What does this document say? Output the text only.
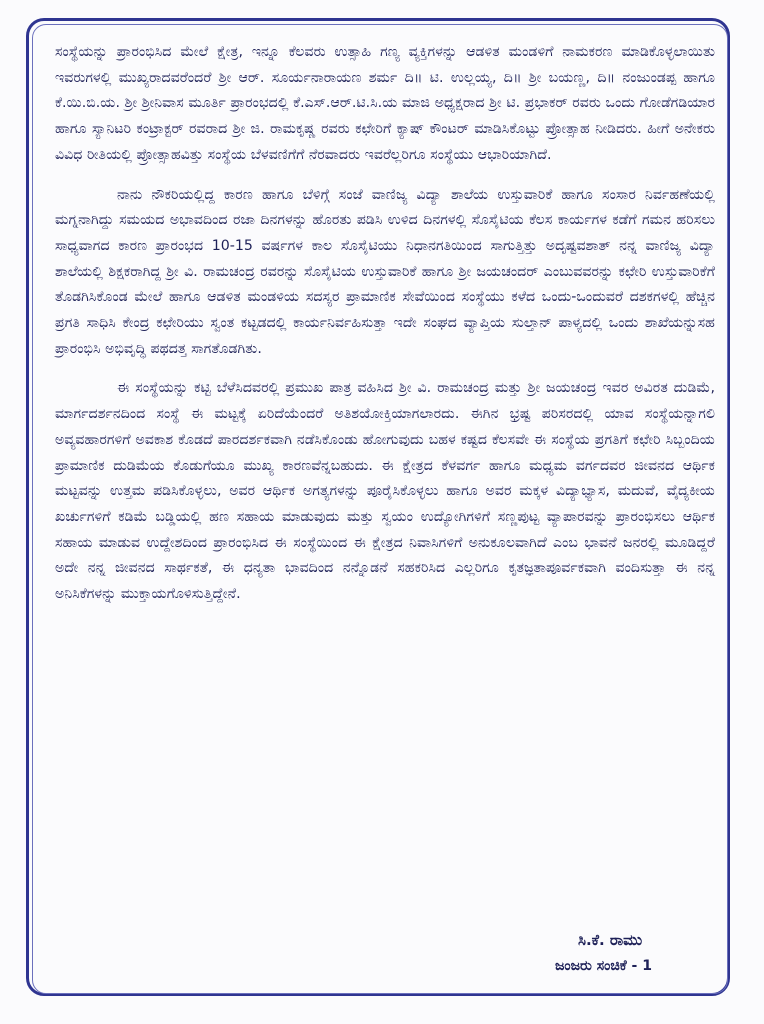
ಸಂಸ್ಥೆಯನ್ನು ಪ್ರಾರಂಭಿಸಿದ ಮೇಲೆ ಕ್ಷೇತ್ರ, ಇನ್ನೂ ಕೆಲವರು ಉತ್ಸಾಹಿ ಗಣ್ಯ ವ್ಯಕ್ತಿಗಳನ್ನು ಆಡಳಿತ ಮಂಡಳಿಗೆ ನಾಮಕರಣ ಮಾಡಿಕೊಳ್ಳಲಾಯಿತು ಇವರುಗಳಲ್ಲಿ ಮುಖ್ಯರಾದವರೆಂದರೆ ಶ್ರೀ ಆರ್. ಸೂರ್ಯನಾರಾಯಣ ಶರ್ಮ ದಿ॥ ಟಿ. ಉಲ್ಲಯ್ಯ, ದಿ॥ ಶ್ರೀ ಬಯಣ್ಣ, ದಿ॥ ನಂಜುಂಡಪ್ಪ ಹಾಗೂ ಕೆ.ಯಿ.ಬಿ.ಯ. ಶ್ರೀ ಶ್ರೀನಿವಾಸ ಮೂರ್ತಿ ಪ್ರಾರಂಭದಲ್ಲಿ ಕೆ.ಎಸ್.ಆರ್.ಟಿ.ಸಿ.ಯ ಮಾಜಿ ಅಧ್ಯಕ್ಷರಾದ ಶ್ರೀ ಟಿ. ಪ್ರಭಾಕರ್ ರವರು ಒಂದು ಗೋಡೆಗಡಿಯಾರ ಹಾಗೂ ಸ್ಯಾನಿಟರಿ ಕಂಟ್ರಾಕ್ಟರ್ ರವರಾದ ಶ್ರೀ ಜಿ. ರಾಮಕೃಷ್ಣ ರವರು ಕಛೇರಿಗೆ ಕ್ಯಾಷ್ ಕೌಂಟರ್ ಮಾಡಿಸಿಕೊಟ್ಟು ಪ್ರೋತ್ಸಾಹ ನೀಡಿದರು. ಹೀಗೆ ಅನೇಕರು ವಿವಿಧ ರೀತಿಯಲ್ಲಿ ಪ್ರೋತ್ಸಾಹವಿತ್ತು ಸಂಸ್ಥೆಯ ಬೆಳವಣಿಗೆಗೆ ನೆರವಾದರು ಇವರೆಲ್ಲರಿಗೂ ಸಂಸ್ಥೆಯು ಆಭಾರಿಯಾಗಿದೆ.

ನಾನು ನೌಕರಿಯಲ್ಲಿದ್ದ ಕಾರಣ ಹಾಗೂ ಬೆಳಿಗ್ಗೆ ಸಂಜೆ ವಾಣಿಜ್ಯ ವಿದ್ಯಾ ಶಾಲೆಯ ಉಸ್ತುವಾರಿಕೆ ಹಾಗೂ ಸಂಸಾರ ನಿರ್ವಹಣೆಯಲ್ಲಿ ಮಗ್ನನಾಗಿದ್ದು ಸಮಯದ ಅಭಾವದಿಂದ ರಜಾ ದಿನಗಳನ್ನು ಹೊರತು ಪಡಿಸಿ ಉಳಿದ ದಿನಗಳಲ್ಲಿ ಸೊಸೈಟಿಯ ಕೆಲಸ ಕಾರ್ಯಗಳ ಕಡೆಗೆ ಗಮನ ಹರಿಸಲು ಸಾಧ್ಯವಾಗದ ಕಾರಣ ಪ್ರಾರಂಭದ 10-15 ವರ್ಷಗಳ ಕಾಲ ಸೊಸೈಟಿಯು ನಿಧಾನಗತಿಯಿಂದ ಸಾಗುತ್ತಿತ್ತು ಅದೃಷ್ಟವಶಾತ್ ನನ್ನ ವಾಣಿಜ್ಯ ವಿದ್ಯಾ ಶಾಲೆಯಲ್ಲಿ ಶಿಕ್ಷಕರಾಗಿದ್ದ ಶ್ರೀ ವಿ. ರಾಮಚಂದ್ರ ರವರನ್ನು ಸೊಸೈಟಿಯ ಉಸ್ತುವಾರಿಕೆ ಹಾಗೂ ಶ್ರೀ ಜಯಚಂದರ್ ಎಂಬುವವರನ್ನು ಕಛೇರಿ ಉಸ್ತುವಾರಿಕೆಗೆ ತೊಡಗಿಸಿಕೊಂಡ ಮೇಲೆ ಹಾಗೂ ಆಡಳಿತ ಮಂಡಳಿಯ ಸದಸ್ಯರ ಪ್ರಾಮಾಣಿಕ ಸೇವೆಯಿಂದ ಸಂಸ್ಥೆಯು ಕಳೆದ ಒಂದು-ಒಂದುವರೆ ದಶಕಗಳಲ್ಲಿ ಹೆಚ್ಚಿನ ಪ್ರಗತಿ ಸಾಧಿಸಿ ಕೇಂದ್ರ ಕಛೇರಿಯು ಸ್ವಂತ ಕಟ್ಟಡದಲ್ಲಿ ಕಾರ್ಯನಿರ್ವಹಿಸುತ್ತಾ ಇದೇ ಸಂಘದ ವ್ಯಾಪ್ತಿಯ ಸುಲ್ತಾನ್ ಪಾಳ್ಯದಲ್ಲಿ ಒಂದು ಶಾಖೆಯನ್ನುಸಹ ಪ್ರಾರಂಭಿಸಿ ಅಭಿವೃದ್ಧಿ ಪಥದತ್ತ ಸಾಗತೊಡಗಿತು.

ಈ ಸಂಸ್ಥೆಯನ್ನು ಕಟ್ಟಿ ಬೆಳೆಸಿದವರಲ್ಲಿ ಪ್ರಮುಖ ಪಾತ್ರ ವಹಿಸಿದ ಶ್ರೀ ವಿ. ರಾಮಚಂದ್ರ ಮತ್ತು ಶ್ರೀ ಜಯಚಂದ್ರ ಇವರ ಅವಿರತ ದುಡಿಮೆ, ಮಾರ್ಗದರ್ಶನದಿಂದ ಸಂಸ್ಥೆ ಈ ಮಟ್ಟಕ್ಕೆ ಏರಿದೆಯೆಂದರೆ ಅತಿಶಯೋಕ್ತಿಯಾಗಲಾರದು. ಈಗಿನ ಭ್ರಷ್ಟ ಪರಿಸರದಲ್ಲಿ ಯಾವ ಸಂಸ್ಥೆಯನ್ನಾಗಲಿ ಅವ್ಯವಹಾರಗಳಿಗೆ ಅವಕಾಶ ಕೊಡದೆ ಪಾರದರ್ಶಕವಾಗಿ ನಡೆಸಿಕೊಂಡು ಹೋಗುವುದು ಬಹಳ ಕಷ್ಟದ ಕೆಲಸವೇ ಈ ಸಂಸ್ಥೆಯ ಪ್ರಗತಿಗೆ ಕಛೇರಿ ಸಿಬ್ಬಂದಿಯ ಪ್ರಾಮಾಣಿಕ ದುಡಿಮೆಯ ಕೊಡುಗೆಯೂ ಮುಖ್ಯ ಕಾರಣವೆನ್ನಬಹುದು. ಈ ಕ್ಷೇತ್ರದ ಕೆಳವರ್ಗ ಹಾಗೂ ಮಧ್ಯಮ ವರ್ಗದವರ ಜೀವನದ ಆರ್ಥಿಕ ಮಟ್ಟವನ್ನು ಉತ್ತಮ ಪಡಿಸಿಕೊಳ್ಳಲು, ಅವರ ಆರ್ಥಿಕ ಅಗತ್ಯಗಳನ್ನು ಪೂರೈಸಿಕೊಳ್ಳಲು ಹಾಗೂ ಅವರ ಮಕ್ಕಳ ವಿದ್ಯಾಭ್ಯಾಸ, ಮದುವೆ, ವೈದ್ಯಕೀಯ ಖರ್ಚುಗಳಿಗೆ ಕಡಿಮೆ ಬಡ್ಡಿಯಲ್ಲಿ ಹಣ ಸಹಾಯ ಮಾಡುವುದು ಮತ್ತು ಸ್ವಯಂ ಉದ್ಯೋಗಿಗಳಿಗೆ ಸಣ್ಣಪುಟ್ಟ ವ್ಯಾಪಾರವನ್ನು ಪ್ರಾರಂಭಿಸಲು ಆರ್ಥಿಕ ಸಹಾಯ ಮಾಡುವ ಉದ್ದೇಶದಿಂದ ಪ್ರಾರಂಭಿಸಿದ ಈ ಸಂಸ್ಥೆಯಿಂದ ಈ ಕ್ಷೇತ್ರದ ನಿವಾಸಿಗಳಿಗೆ ಅನುಕೂಲವಾಗಿದೆ ಎಂಬ ಭಾವನೆ ಜನರಲ್ಲಿ ಮೂಡಿದ್ದರೆ ಅದೇ ನನ್ನ ಜೀವನದ ಸಾರ್ಥಕತೆ, ಈ ಧನ್ಯತಾ ಭಾವದಿಂದ ನನ್ನೊಡನೆ ಸಹಕರಿಸಿದ ಎಲ್ಲರಿಗೂ ಕೃತಜ್ಞತಾಪೂರ್ವಕವಾಗಿ ವಂದಿಸುತ್ತಾ ಈ ನನ್ನ ಅನಿಸಿಕೆಗಳನ್ನು ಮುಕ್ತಾಯಗೊಳಿಸುತ್ತಿದ್ದೇನೆ.

ಸಿ.ಕೆ. ರಾಮು
ಜಂಜರು ಸಂಚಿಕೆ - 1
